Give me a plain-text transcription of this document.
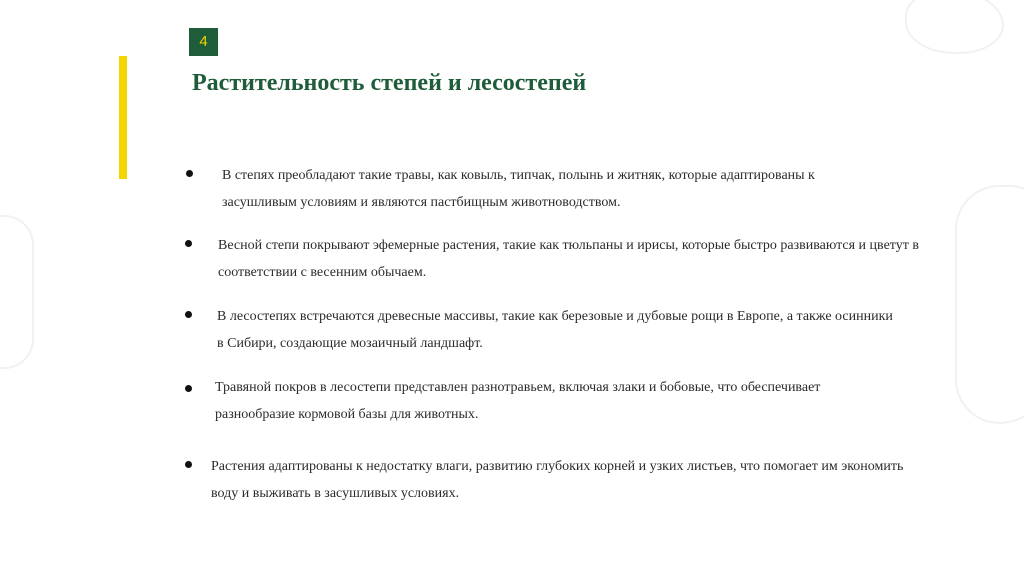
4
Растительность степей и лесостепей
В степях преобладают такие травы, как ковыль, типчак, полынь и житняк, которые адаптированы к засушливым условиям и являются пастбищным животноводством.
Весной степи покрывают эфемерные растения, такие как тюльпаны и ирисы, которые быстро развиваются и цветут в соответствии с весенним обычаем.
В лесостепях встречаются древесные массивы, такие как березовые и дубовые рощи в Европе, а также осинники в Сибири, создающие мозаичный ландшафт.
Травяной покров в лесостепи представлен разнотравьем, включая злаки и бобовые, что обеспечивает разнообразие кормовой базы для животных.
Растения адаптированы к недостатку влаги, развитию глубоких корней и узких листьев, что помогает им экономить воду и выживать в засушливых условиях.
